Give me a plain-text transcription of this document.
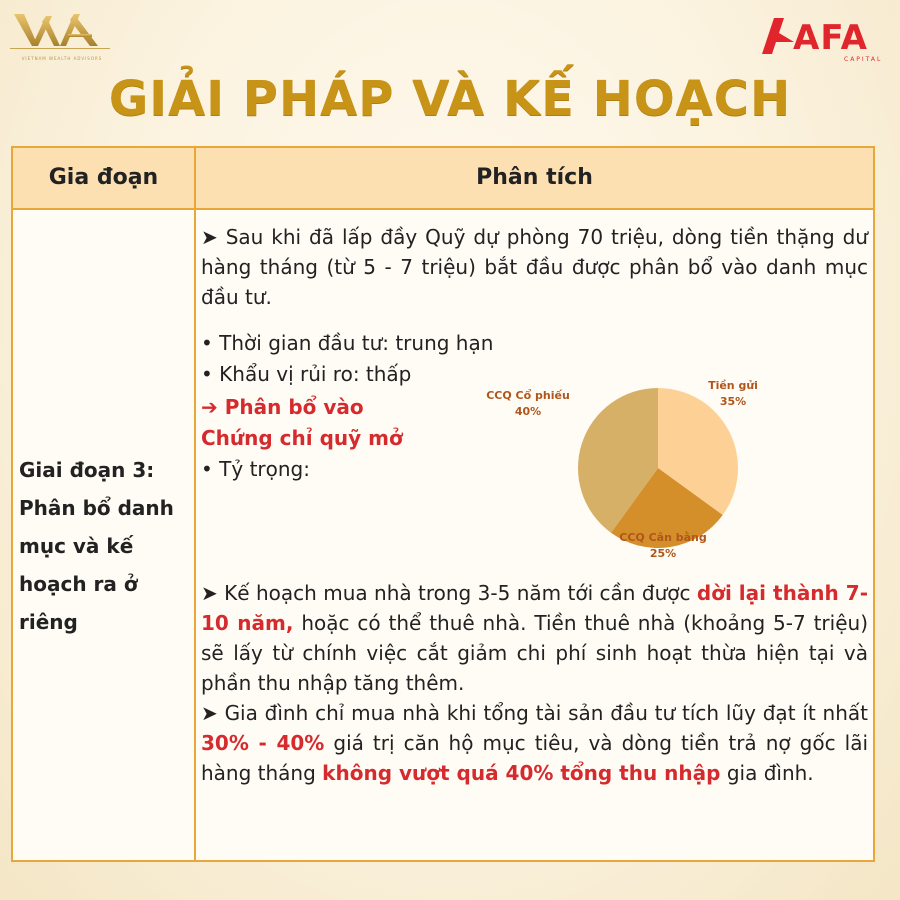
VIETNAM WEALTH ADVISORS
AFA
CAPITAL
GIẢI PHÁP VÀ KẾ HOẠCH
Gia đoạn	Phân tích
Giai đoạn 3: Phân bổ danh mục và kế hoạch ra ở riêng
➤ Sau khi đã lấp đầy Quỹ dự phòng 70 triệu, dòng tiền thặng dư hàng tháng (từ 5 - 7 triệu) bắt đầu được phân bổ vào danh mục đầu tư.
• Thời gian đầu tư: trung hạn
• Khẩu vị rủi ro: thấp
➔ Phân bổ vào
Chứng chỉ quỹ mở
• Tỷ trọng:
CCQ Cổ phiếu
40%
Tiền gửi
35%
CCQ Cân bằng
25%
➤ Kế hoạch mua nhà trong 3-5 năm tới cần được dời lại thành 7-10 năm, hoặc có thể thuê nhà. Tiền thuê nhà (khoảng 5-7 triệu) sẽ lấy từ chính việc cắt giảm chi phí sinh hoạt thừa hiện tại và phần thu nhập tăng thêm.
➤ Gia đình chỉ mua nhà khi tổng tài sản đầu tư tích lũy đạt ít nhất 30% - 40% giá trị căn hộ mục tiêu, và dòng tiền trả nợ gốc lãi hàng tháng không vượt quá 40% tổng thu nhập gia đình.
